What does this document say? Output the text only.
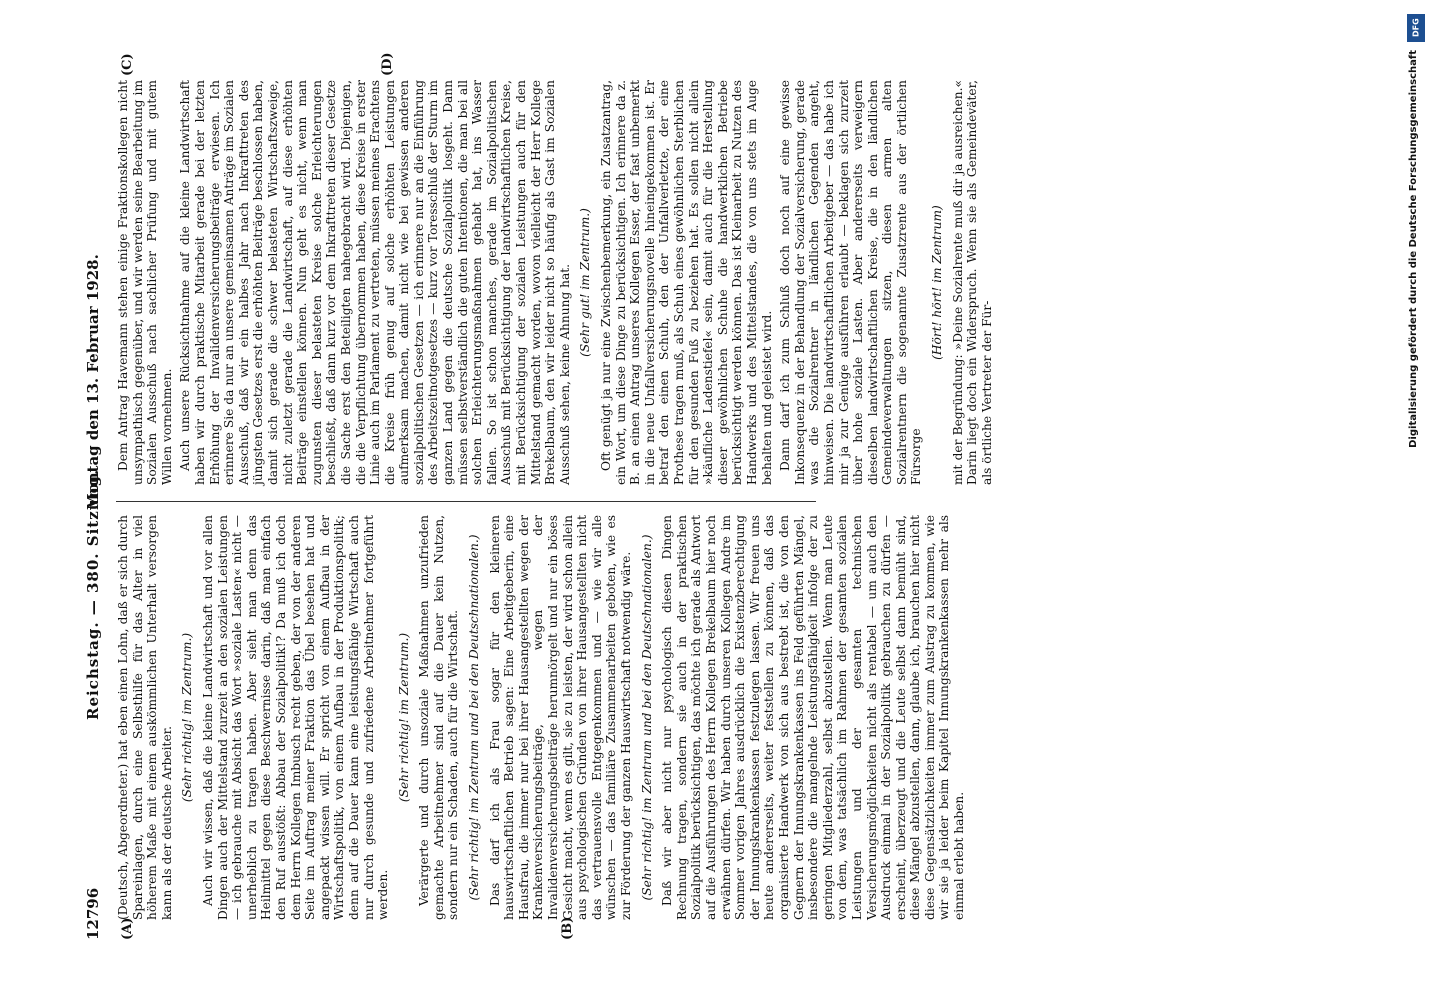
12796
Reichstag. — 380. Sitzung.
Montag den 13. Februar 1928.
(A)	(B)
(C)	(D)

(Deutsch, Abgeordneter.) hat eben einen Lohn, daß er sich durch Spareinlagen, durch eine Selbsthilfe für das Alter in viel höherem Maße mit einem auskömmlichen Unterhalt versorgen kann als der deutsche Arbeiter.

(Sehr richtig! im Zentrum.) Auch wir wissen, daß die kleine Landwirtschaft und vor allen Dingen auch der Mittelstand zurzeit an den sozialen Leistungen — ich gebrauche mit Absicht das Wort »soziale Lasten« nicht — unerheblich zu tragen haben. Aber sieht man denn das Heilmittel gegen diese Beschwernisse darin, daß man einfach den Ruf ausstößt: Abbau der Sozialpolitik!? Da muß ich doch dem Herrn Kollegen Imbusch recht geben, der von der anderen Seite im Auftrag meiner Fraktion das Übel besehen hat und angepackt wissen will. Er spricht von einem Aufbau in der Wirtschaftspolitik, von einem Aufbau in der Produktionspolitik; denn auf die Dauer kann eine leistungsfähige Wirtschaft auch nur durch gesunde und zufriedene Arbeitnehmer fortgeführt werden.

(Sehr richtig! im Zentrum.) Verärgerte und durch unsoziale Maßnahmen unzufrieden gemachte Arbeitnehmer sind auf die Dauer kein Nutzen, sondern nur ein Schaden, auch für die Wirtschaft. (Sehr richtig! im Zentrum und bei den Deutschnationalen.) Das darf ich als Frau sogar für den kleineren hauswirtschaftlichen Betrieb sagen: Eine Arbeitgeberin, eine Hausfrau, die immer nur bei ihrer Hausangestellten wegen der Krankenversicherungsbeiträge, wegen der Invalidenversicherungsbeiträge herumnörgelt und nur ein böses Gesicht macht, wenn es gilt, sie zu leisten, der wird schon allein aus psychologischen Gründen von ihrer Hausangestellten nicht das vertrauensvolle Entgegenkommen und — wie wir alle wünschen — das familiäre Zusammenarbeiten geboten, wie es zur Förderung der ganzen Hauswirtschaft notwendig wäre. (Sehr richtig! im Zentrum und bei den Deutschnationalen.) Daß wir aber nicht nur psychologisch diesen Dingen Rechnung tragen, sondern sie auch in der praktischen Sozialpolitik berücksichtigen, das möchte ich gerade als Antwort auf die Ausführungen des Herrn Kollegen Brekelbaum hier noch erwähnen dürfen. Wir haben durch unseren Kollegen Andre im Sommer vorigen Jahres ausdrücklich die Existenzberechtigung der Innungskrankenkassen festzulegen lassen. Wir freuen uns heute andererseits, weiter feststellen zu können, daß das organisierte Handwerk von sich aus bestrebt ist, die von den Gegnern der Innungskrankenkassen ins Feld geführten Mängel, insbesondere die mangelnde Leistungsfähigkeit infolge der zu geringen Mitgliederzahl, selbst abzustellen. Wenn man Leute von dem, was tatsächlich im Rahmen der gesamten sozialen Leistungen und der gesamten technischen Versicherungsmöglichkeiten nicht als rentabel — um auch den Ausdruck einmal in der Sozialpolitik gebrauchen zu dürfen — erscheint, überzeugt und die Leute selbst dann bemüht sind, diese Mängel abzustellen, dann, glaube ich, brauchen hier nicht diese Gegensätzlichkeiten immer zum Austrag zu kommen, wie wir sie ja leider beim Kapitel Innungskrankenkassen mehr als einmal erlebt haben.

Dem Antrag Havemann stehen einige Fraktionskollegen nicht unsympathisch gegenüber, und wir werden seine Bearbeitung im Sozialen Ausschuß nach sachlicher Prüfung und mit gutem Willen vornehmen. Auch unsere Rücksichtnahme auf die kleine Landwirtschaft haben wir durch praktische Mitarbeit gerade bei der letzten Erhöhung der Invalidenversicherungsbeiträge erwiesen. Ich erinnere Sie da nur an unsere gemeinsamen Anträge im Sozialen Ausschuß, daß wir ein halbes Jahr nach Inkrafttreten des jüngsten Gesetzes erst die erhöhten Beiträge beschlossen haben, damit sich gerade die schwer belasteten Wirtschaftszweige, nicht zuletzt gerade die Landwirtschaft, auf diese erhöhten Beiträge einstellen können. Nun geht es nicht, wenn man zugunsten dieser belasteten Kreise solche Erleichterungen beschließt, daß dann kurz vor dem Inkrafttreten dieser Gesetze die Sache erst den Beteiligten nahegebracht wird. Diejenigen, die die Verpflichtung übernommen haben, diese Kreise in erster Linie auch im Parlament zu vertreten, müssen meines Erachtens die Kreise früh genug auf solche erhöhten Leistungen aufmerksam machen, damit nicht wie bei gewissen anderen sozialpolitischen Gesetzen — ich erinnere nur an die Einführung des Arbeitszeitnotgesetzes — kurz vor Toresschluß der Sturm im ganzen Land gegen die deutsche Sozialpolitik losgeht. Dann müssen selbstverständlich die guten Intentionen, die man bei all solchen Erleichterungsmaßnahmen gehabt hat, ins Wasser fallen. So ist schon manches, gerade im Sozialpolitischen Ausschuß mit Berücksichtigung der landwirtschaftlichen Kreise, mit Berücksichtigung der sozialen Leistungen auch für den Mittelstand gemacht worden, wovon vielleicht der Herr Kollege Brekelbaum, den wir leider nicht so häufig als Gast im Sozialen Ausschuß sehen, keine Ahnung hat. (Sehr gut! im Zentrum.) Oft genügt ja nur eine Zwischenbemerkung, ein Zusatzantrag, ein Wort, um diese Dinge zu berücksichtigen. Ich erinnere da z. B. an einen Antrag unseres Kollegen Esser, der fast unbemerkt in die neue Unfallversicherungsnovelle hineingekommen ist. Er betraf den einen Schuh, den der Unfallverletzte, der eine Prothese tragen muß, als Schuh eines gewöhnlichen Sterblichen für den gesunden Fuß zu beziehen hat. Es sollen nicht allein »käufliche Ladenstiefel« sein, damit auch für die Herstellung dieser gewöhnlichen Schuhe die handwerklichen Betriebe berücksichtigt werden können. Das ist Kleinarbeit zu Nutzen des Handwerks und des Mittelstandes, die von uns stets im Auge behalten und geleistet wird. Dann darf ich zum Schluß doch noch auf eine gewisse Inkonsequenz in der Behandlung der Sozialversicherung, gerade was die Sozialrentner in ländlichen Gegenden angeht, hinweisen. Die landwirtschaftlichen Arbeitgeber — das habe ich mir ja zur Genüge ausführen erlaubt — beklagen sich zurzeit über hohe soziale Lasten. Aber andererseits verweigern dieselben landwirtschaftlichen Kreise, die in den ländlichen Gemeindeverwaltungen sitzen, diesen armen alten Sozialrentnern die sogenannte Zusatzrente aus der örtlichen Fürsorge

(Hört! hört! im Zentrum) mit der Begründung: »Deine Sozialrente muß dir ja ausreichen.« Darin liegt doch ein Widerspruch. Wenn sie als Gemeindeväter, als örtliche Vertreter der Für-

DFG
Digitalisierung gefördert durch die Deutsche Forschungsgemeinschaft
